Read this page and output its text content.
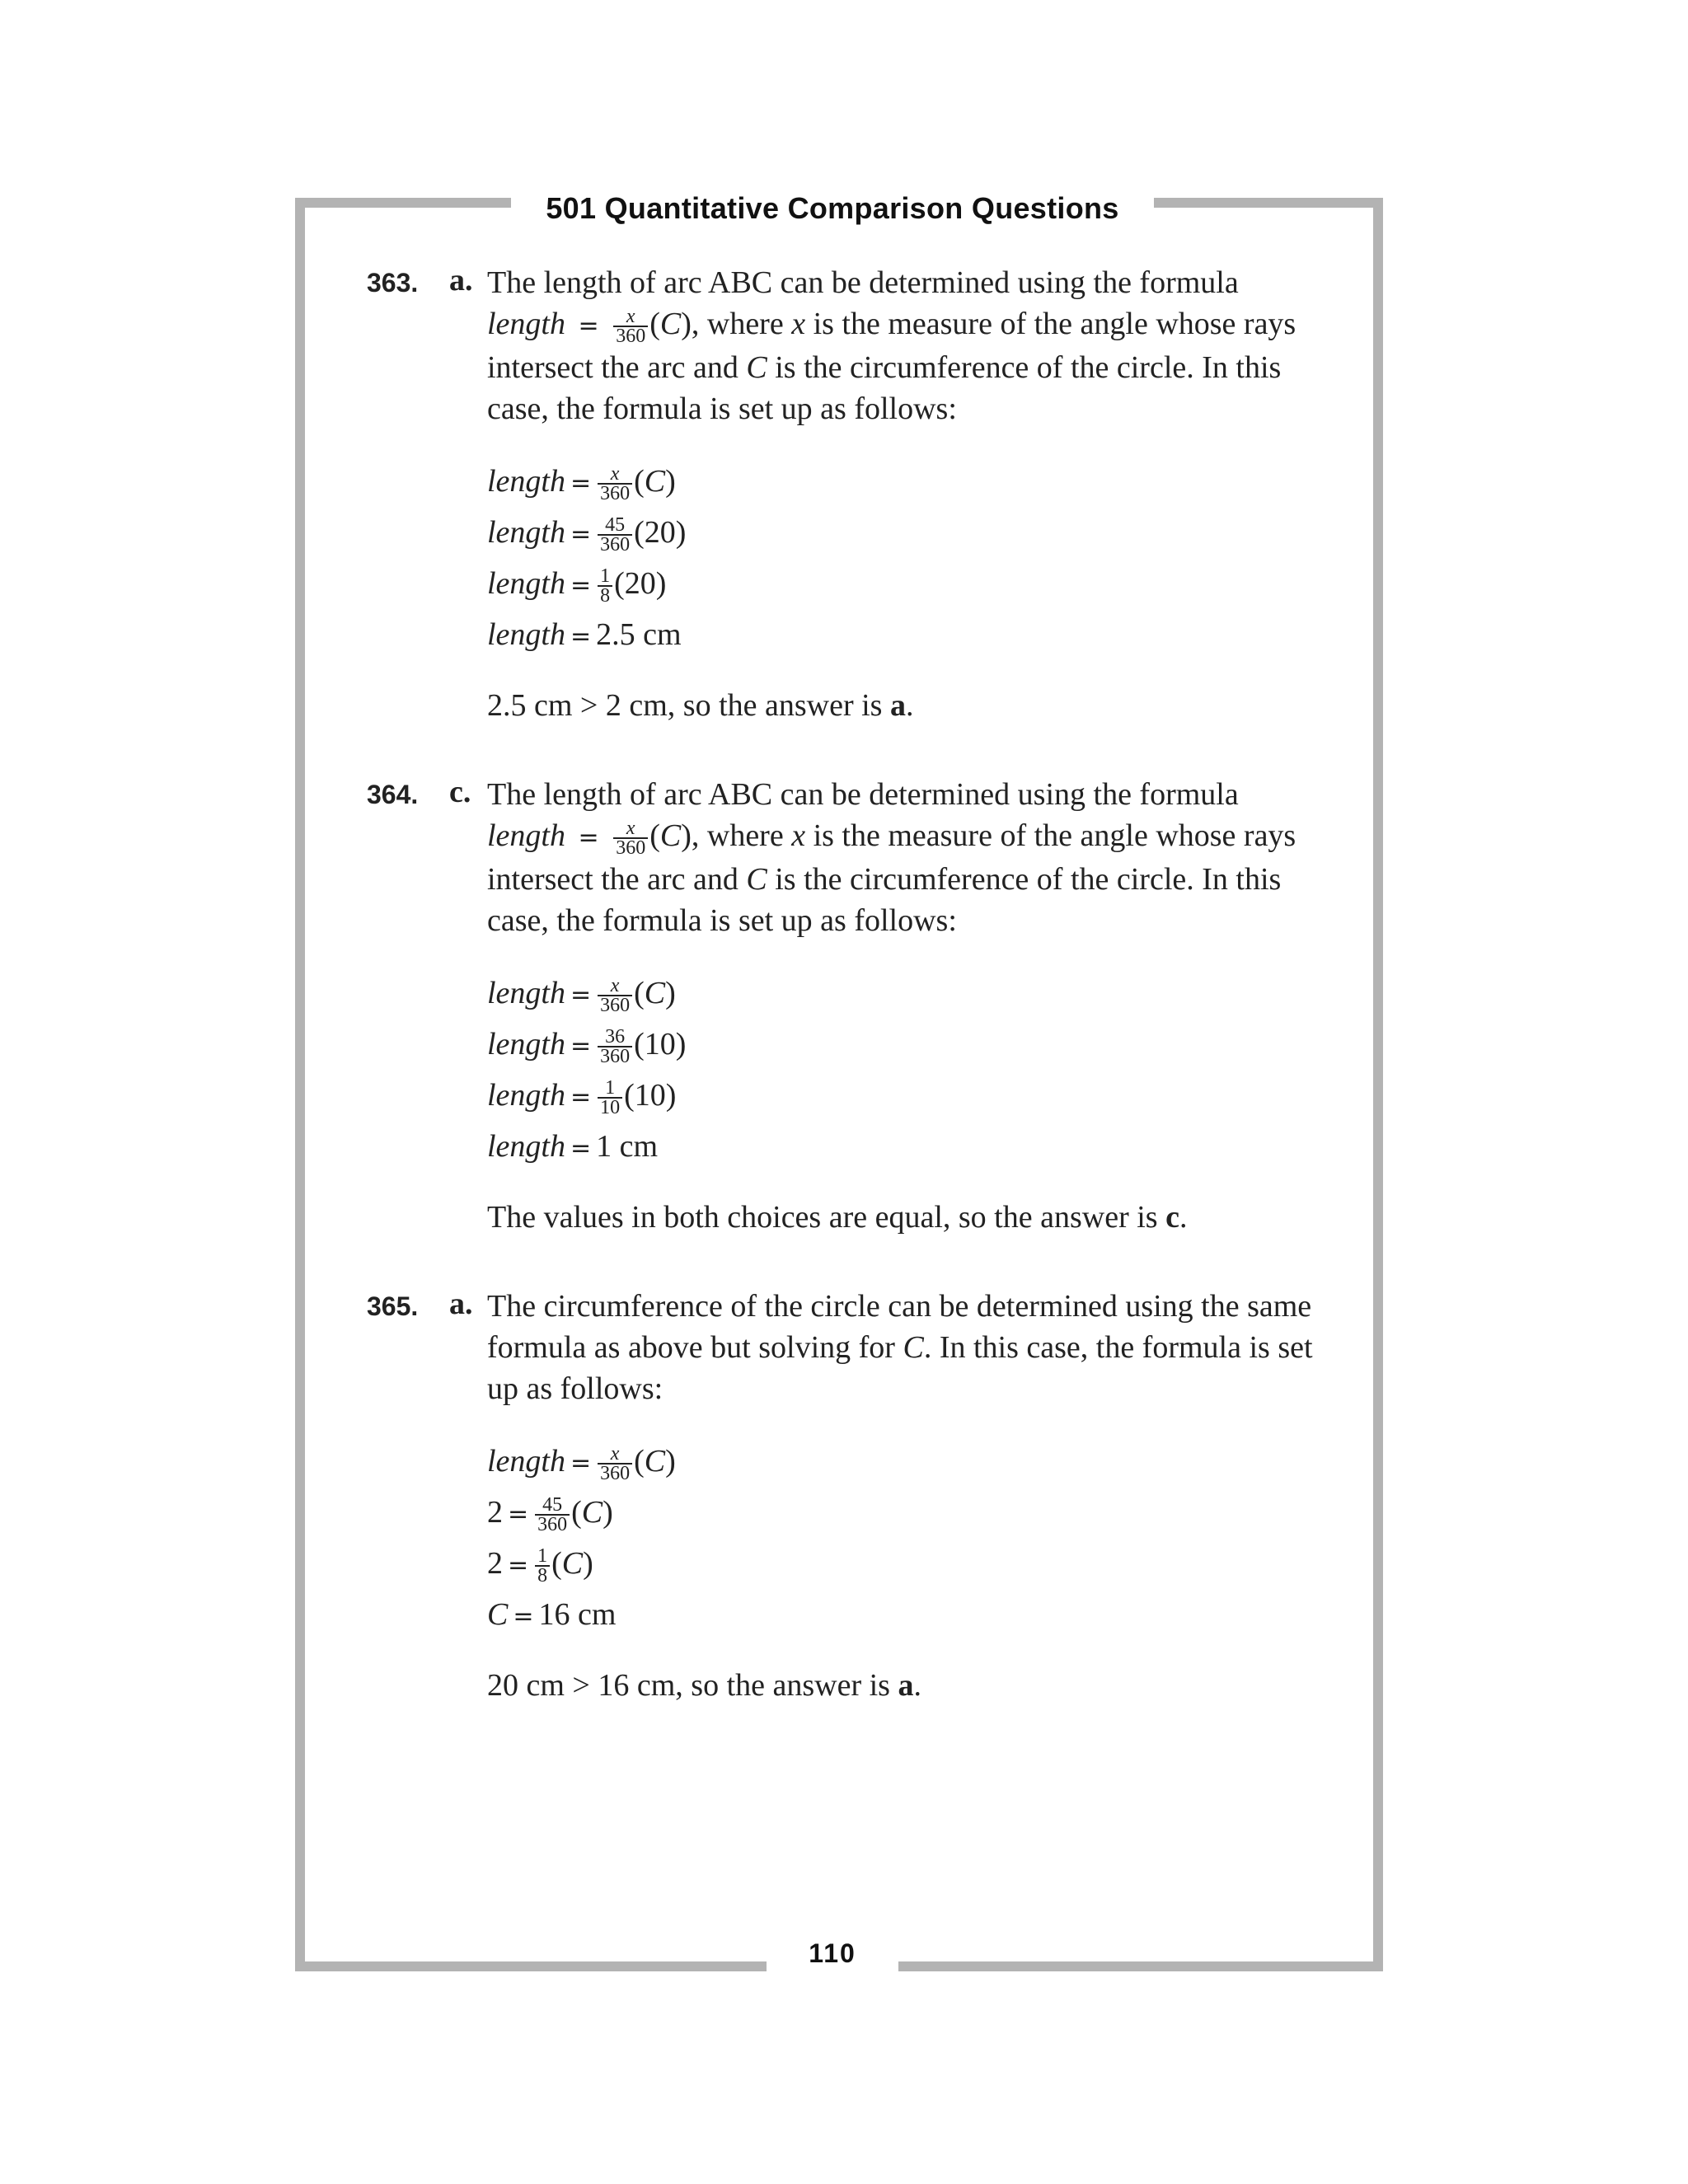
501 Quantitative Comparison Questions
110
363. a. The length of arc ABC can be determined using the formula
length = $\frac{x}{360} (C)$, where x is the measure of the angle whose rays intersect the arc and C is the circumference of the circle. In this case, the formula is set up as follows:
length = $\frac{x}{360} (C)$
length = $\frac{45}{360} (20)$
length = $\frac{1}{8} (20)$
length = 2.5 cm
2.5 cm > 2 cm, so the answer is a.
364. c. The length of arc ABC can be determined using the formula
length = $\frac{x}{360} (C)$, where x is the measure of the angle whose rays intersect the arc and C is the circumference of the circle. In this case, the formula is set up as follows:
length = $\frac{x}{360} (C)$
length = $\frac{36}{360} (10)$
length = $\frac{1}{10} (10)$
length = 1 cm
The values in both choices are equal, so the answer is c.
365. a. The circumference of the circle can be determined using the same formula as above but solving for C. In this case, the formula is set up as follows:
length = $\frac{x}{360} (C)$
$2 = \frac{45}{360} (C)$
$2 = \frac{1}{8} (C)$
C = 16 cm
20 cm > 16 cm, so the answer is a.
